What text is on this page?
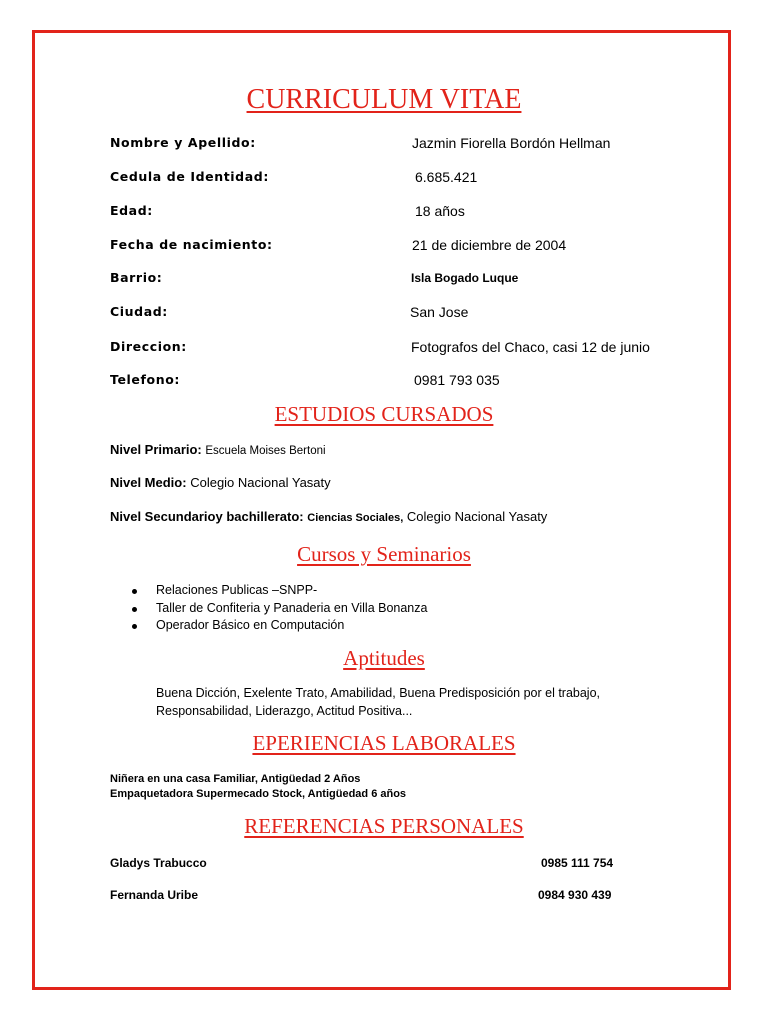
CURRICULUM VITAE
Nombre y Apellido:	Jazmin Fiorella Bordón Hellman
Cedula de Identidad:	6.685.421
Edad:	18 años
Fecha de nacimiento:	21 de diciembre de 2004
Barrio:	Isla Bogado Luque
Ciudad:	San Jose
Direccion:	Fotografos del Chaco, casi 12 de junio
Telefono:	0981 793 035
ESTUDIOS CURSADOS
Nivel Primario: Escuela Moises Bertoni
Nivel Medio: Colegio Nacional Yasaty
Nivel Secundarioy bachillerato: Ciencias Sociales, Colegio Nacional Yasaty
Cursos y Seminarios
Relaciones Publicas –SNPP-
Taller de Confiteria y Panaderia en Villa Bonanza
Operador Básico en Computación
Aptitudes
Buena Dicción, Exelente Trato, Amabilidad, Buena Predisposición por el trabajo,
Responsabilidad, Liderazgo, Actitud Positiva...
EPERIENCIAS LABORALES
Niñera en una casa Familiar, Antigüedad 2 Años
Empaquetadora Supermecado Stock, Antigüedad 6 años
REFERENCIAS PERSONALES
Gladys Trabucco	0985 111 754
Fernanda Uribe	0984 930 439
